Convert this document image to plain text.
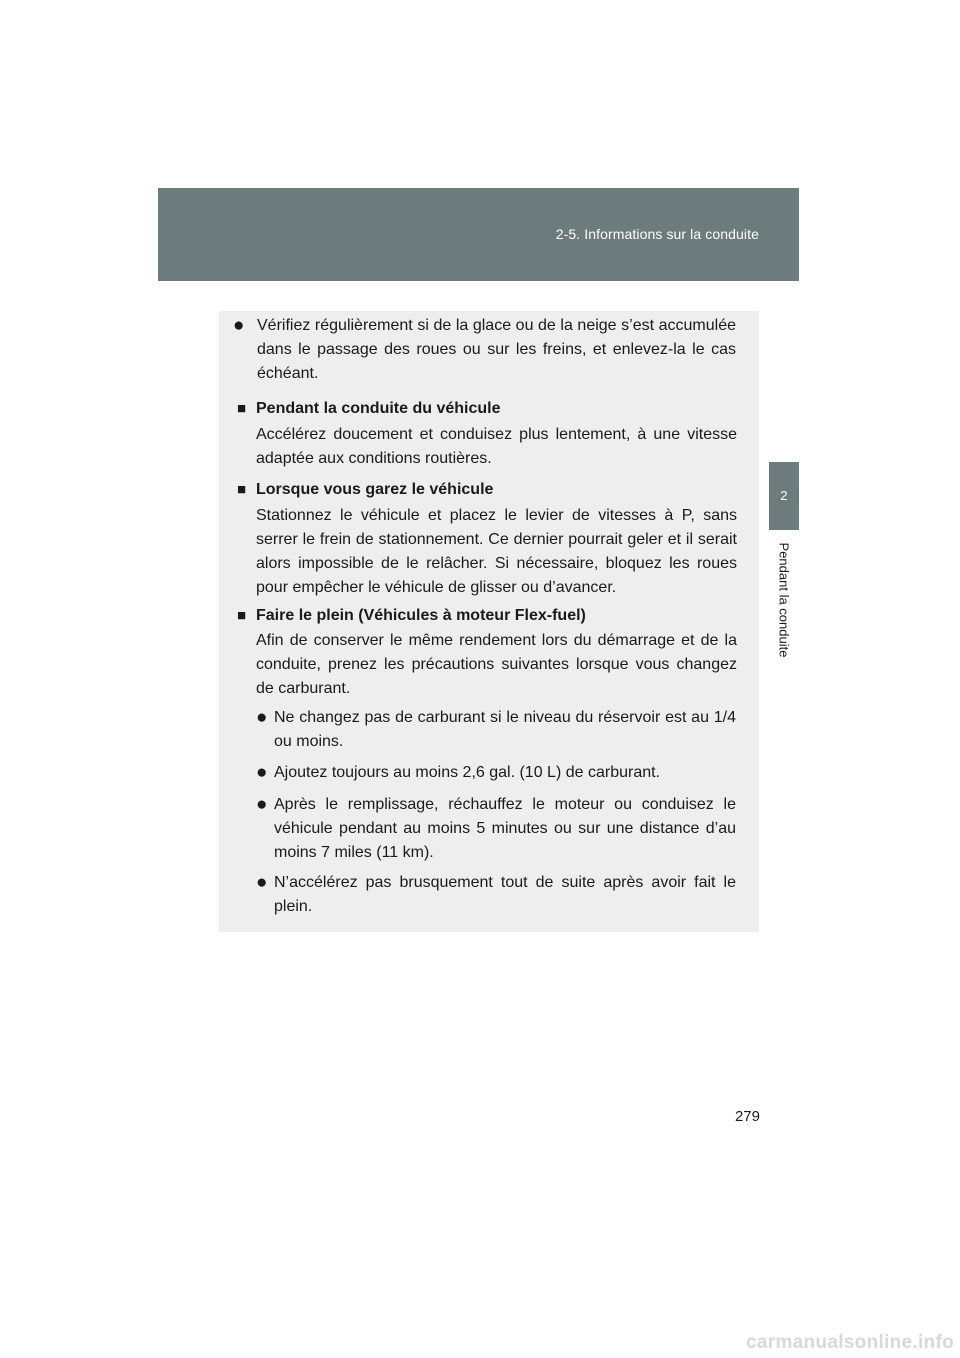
2-5. Informations sur la conduite
2
Pendant la conduite
● Vérifiez régulièrement si de la glace ou de la neige s’est accumulée dans le passage des roues ou sur les freins, et enlevez-la le cas échéant.
■ Pendant la conduite du véhicule
Accélérez doucement et conduisez plus lentement, à une vitesse adaptée aux conditions routières.
■ Lorsque vous garez le véhicule
Stationnez le véhicule et placez le levier de vitesses à P, sans serrer le frein de stationnement. Ce dernier pourrait geler et il serait alors impossible de le relâcher. Si nécessaire, bloquez les roues pour empêcher le véhicule de glisser ou d’avancer.
■ Faire le plein (Véhicules à moteur Flex-fuel)
Afin de conserver le même rendement lors du démarrage et de la conduite, prenez les précautions suivantes lorsque vous changez de carburant.
● Ne changez pas de carburant si le niveau du réservoir est au 1/4 ou moins.
● Ajoutez toujours au moins 2,6 gal. (10 L) de carburant.
● Après le remplissage, réchauffez le moteur ou conduisez le véhicule pendant au moins 5 minutes ou sur une distance d’au moins 7 miles (11 km).
● N’accélérez pas brusquement tout de suite après avoir fait le plein.
279
carmanualsonline.info
